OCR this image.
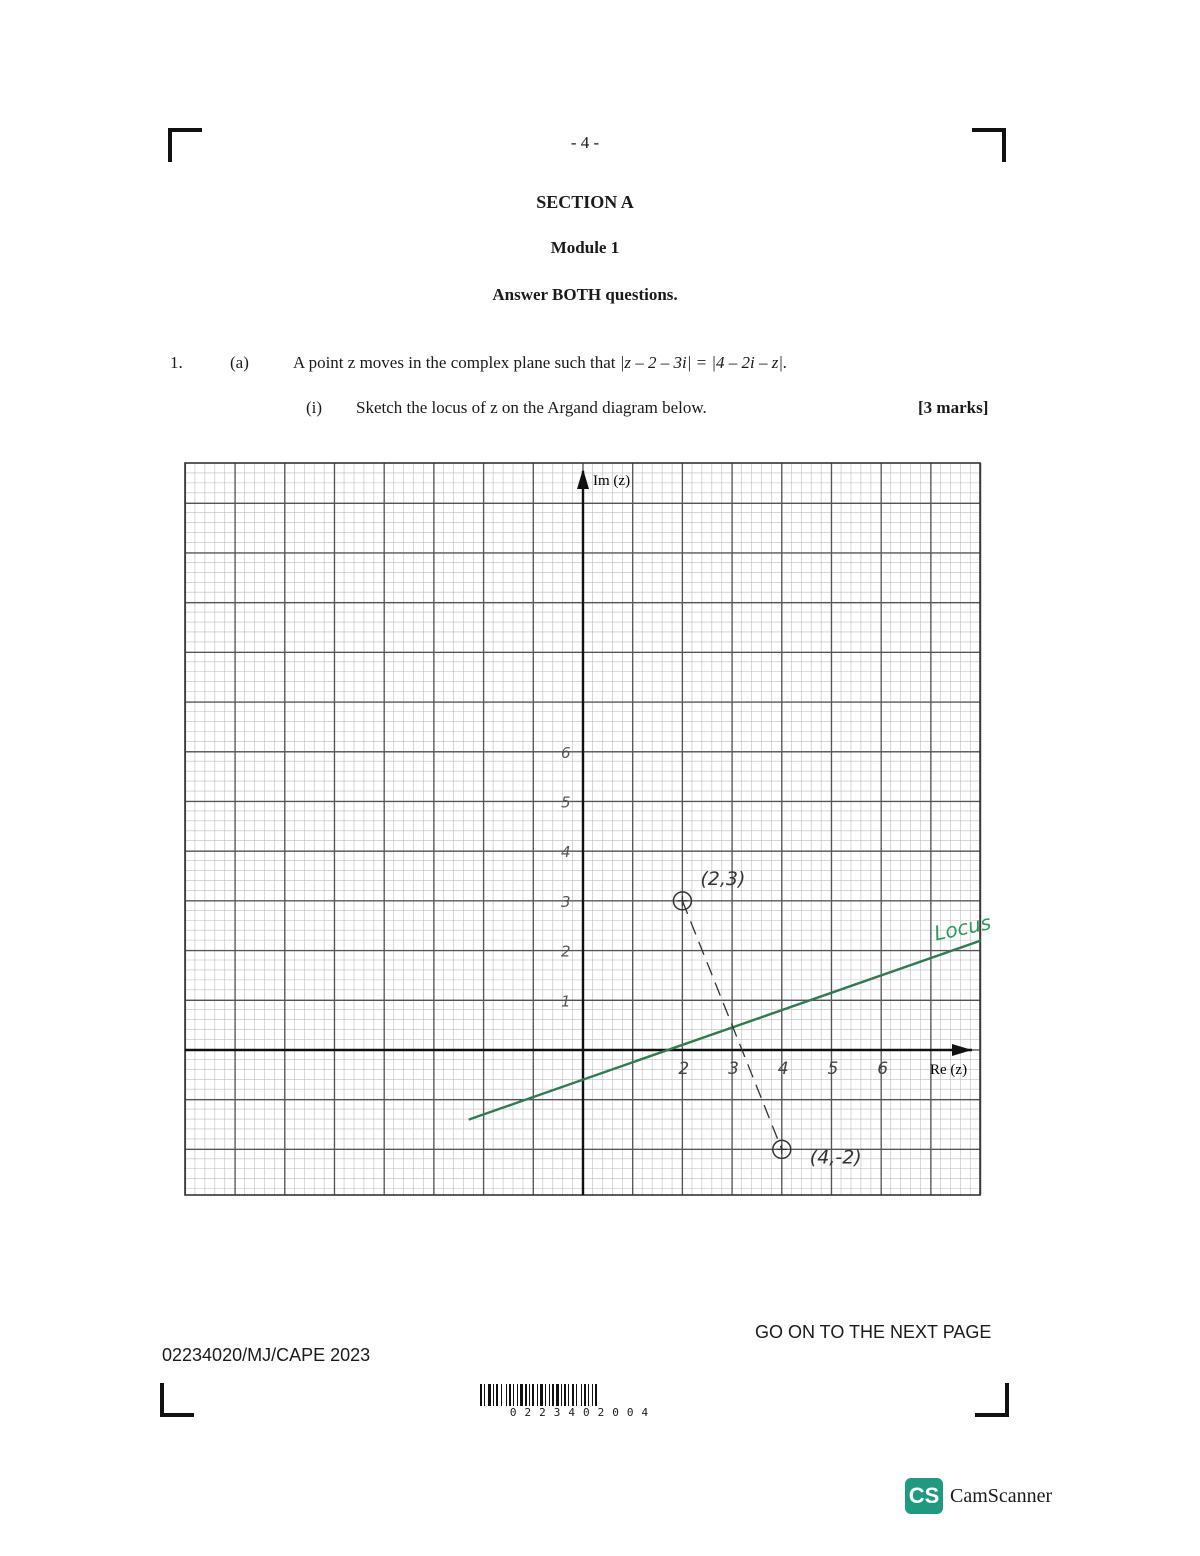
- 4 -
SECTION A
Module 1
Answer BOTH questions.
1.	(a)	A point z moves in the complex plane such that |z – 2 – 3i| = |4 – 2i – z|.
(i) Sketch the locus of z on the Argand diagram below.	[3 marks]
Im (z)
Re (z)
2 3 4 5 6
1
2
3
4
5
6
(2,3)
(4,-2)
Locus
02234020/MJ/CAPE 2023
GO ON TO THE NEXT PAGE
0223402004
CS CamScanner
